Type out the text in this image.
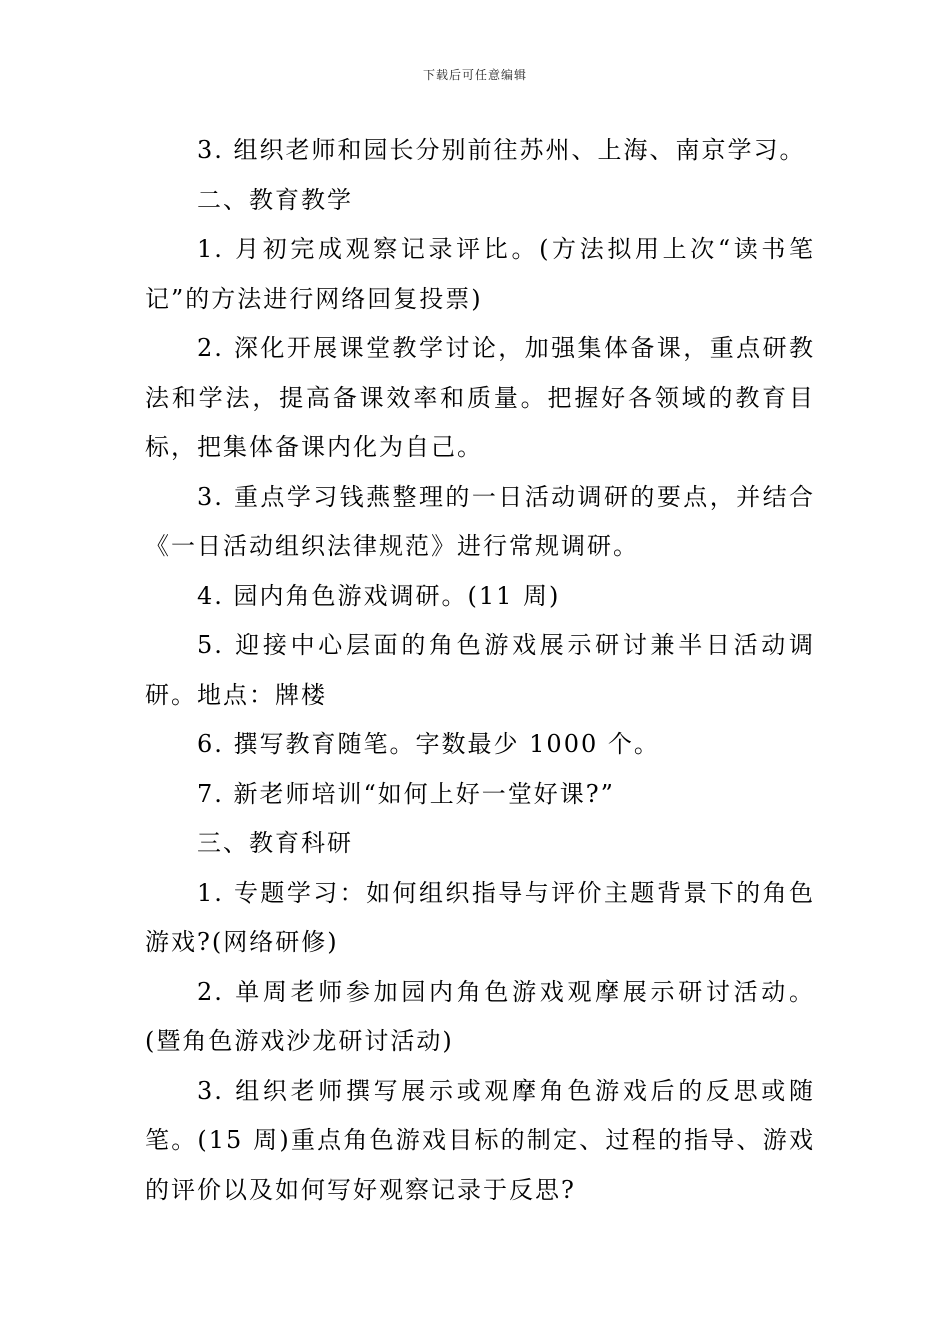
下载后可任意编辑

3. 组织老师和园长分别前往苏州、上海、南京学习。

二、教育教学

1. 月初完成观察记录评比。(方法拟用上次“读书笔记”的方法进行网络回复投票)

2. 深化开展课堂教学讨论，加强集体备课，重点研教法和学法，提高备课效率和质量。把握好各领域的教育目标，把集体备课内化为自己。

3. 重点学习钱燕整理的一日活动调研的要点，并结合《一日活动组织法律规范》进行常规调研。

4. 园内角色游戏调研。(11 周)

5. 迎接中心层面的角色游戏展示研讨兼半日活动调研。地点：牌楼

6. 撰写教育随笔。字数最少 1000 个。

7. 新老师培训“如何上好一堂好课?”

三、教育科研

1. 专题学习：如何组织指导与评价主题背景下的角色游戏?(网络研修)

2. 单周老师参加园内角色游戏观摩展示研讨活动。(暨角色游戏沙龙研讨活动)

3. 组织老师撰写展示或观摩角色游戏后的反思或随笔。(15 周)重点角色游戏目标的制定、过程的指导、游戏的评价以及如何写好观察记录于反思?
